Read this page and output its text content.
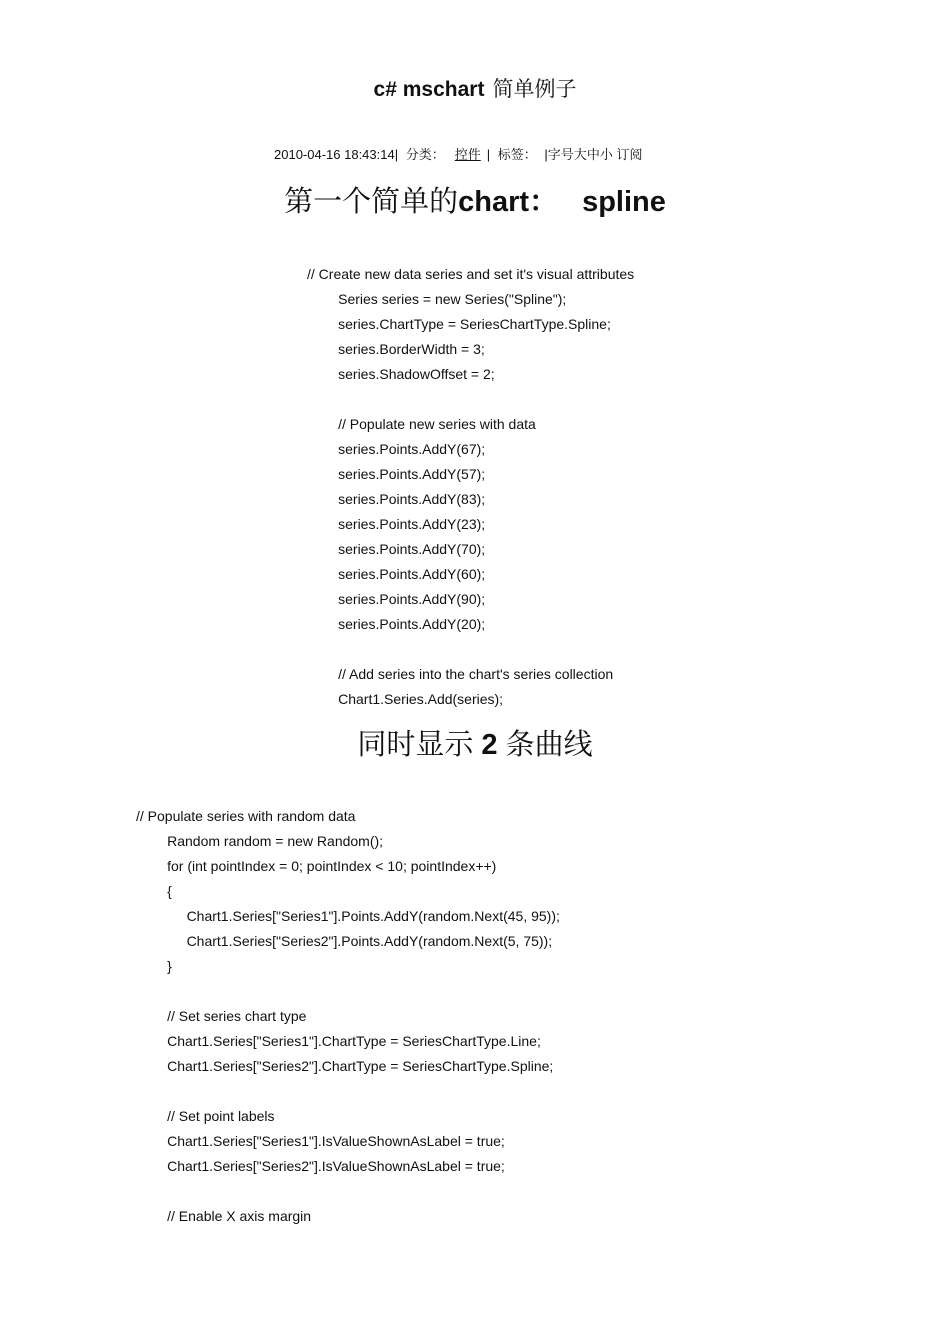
c# mschart 简单例子
2010-04-16 18:43:14| 分类： 控件 | 标签： |字号大中小 订阅
第一个简单的chart： spline
// Create new data series and set it's visual attributes
Series series = new Series("Spline");
series.ChartType = SeriesChartType.Spline;
series.BorderWidth = 3;
series.ShadowOffset = 2;
// Populate new series with data
series.Points.AddY(67);
series.Points.AddY(57);
series.Points.AddY(83);
series.Points.AddY(23);
series.Points.AddY(70);
series.Points.AddY(60);
series.Points.AddY(90);
series.Points.AddY(20);
// Add series into the chart's series collection
Chart1.Series.Add(series);
同时显示 2 条曲线
// Populate series with random data
Random random = new Random();
for (int pointIndex = 0; pointIndex < 10; pointIndex++)
{
Chart1.Series["Series1"].Points.AddY(random.Next(45, 95));
Chart1.Series["Series2"].Points.AddY(random.Next(5, 75));
}
// Set series chart type
Chart1.Series["Series1"].ChartType = SeriesChartType.Line;
Chart1.Series["Series2"].ChartType = SeriesChartType.Spline;
// Set point labels
Chart1.Series["Series1"].IsValueShownAsLabel = true;
Chart1.Series["Series2"].IsValueShownAsLabel = true;
// Enable X axis margin
